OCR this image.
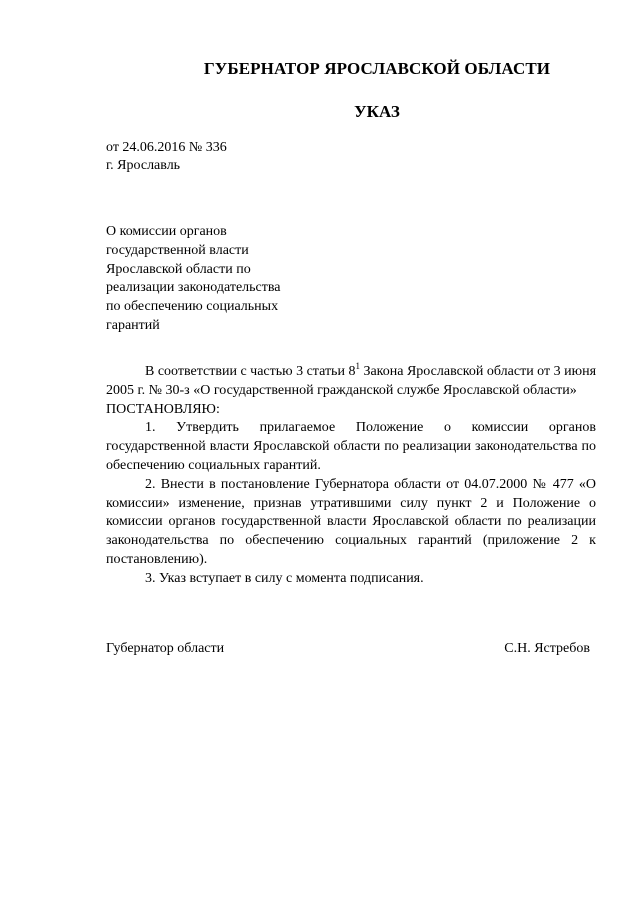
ГУБЕРНАТОР ЯРОСЛАВСКОЙ ОБЛАСТИ
УКАЗ
от 24.06.2016 № 336
г. Ярославль
О комиссии органов
государственной власти
Ярославской области по
реализации законодательства
по обеспечению социальных
гарантий

В соответствии с частью 3 статьи $8^1$ Закона Ярославской области от 3 июня 2005 г. № 30-з «О государственной гражданской службе Ярославской области»

ПОСТАНОВЛЯЮ:

1. Утвердить прилагаемое Положение о комиссии органов государственной власти Ярославской области по реализации законодательства по обеспечению социальных гарантий.

2. Внести в постановление Губернатора области от 04.07.2000 № 477 «О комиссии» изменение, признав утратившими силу пункт 2 и Положение о комиссии органов государственной власти Ярославской области по реализации законодательства по обеспечению социальных гарантий (приложение 2 к постановлению).

3. Указ вступает в силу с момента подписания.

Губернатор области	С.Н. Ястребов
